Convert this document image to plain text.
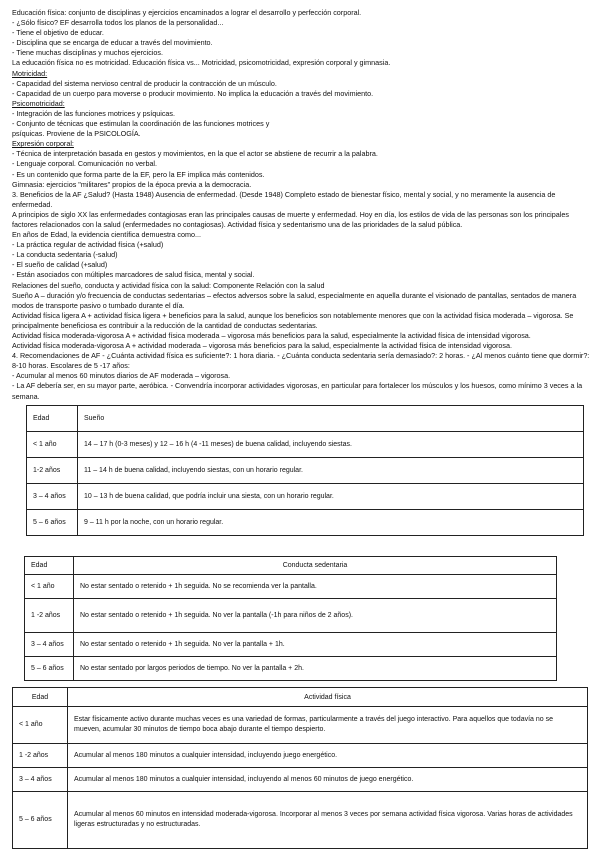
Educación física: conjunto de disciplinas y ejercicios encaminados a lograr el desarrollo y perfección corporal.
- ¿Sólo físico? EF desarrolla todos los planos de la personalidad...
- Tiene el objetivo de educar.
- Disciplina que se encarga de educar a través del movimiento.
- Tiene muchas disciplinas y muchos ejercicios.
La educación física no es motricidad. Educación física vs... Motricidad, psicomotricidad, expresión corporal y gimnasia.
Motricidad:
- Capacidad del sistema nervioso central de producir la contracción de un músculo.
- Capacidad de un cuerpo para moverse o producir movimiento. No implica la educación a través del movimiento.
Psicomotricidad:
- Integración de las funciones motrices y psíquicas.
- Conjunto de técnicas que estimulan la coordinación de las funciones motrices y
psíquicas. Proviene de la PSICOLOGÍA.
Expresión corporal:
- Técnica de interpretación basada en gestos y movimientos, en la que el actor se abstiene de recurrir a la palabra.
- Lenguaje corporal. Comunicación no verbal.
- Es un contenido que forma parte de la EF, pero la EF implica más contenidos.
Gimnasia: ejercicios "militares" propios de la época previa a la democracia.
3. Beneficios de la AF ¿Salud? (Hasta 1948) Ausencia de enfermedad. (Desde 1948) Completo estado de bienestar físico, mental y social, y no meramente la ausencia de enfermedad.
A principios de siglo XX las enfermedades contagiosas eran las principales causas de muerte y enfermedad. Hoy en día, los estilos de vida de las personas son los principales factores relacionados con la salud (enfermedades no contagiosas). Actividad física y sedentarismo una de las prioridades de la salud pública.
En años de Edad, la evidencia científica demuestra como...
- La práctica regular de actividad física (+salud)
- La conducta sedentaria (-salud)
- El sueño de calidad (+salud)
- Están asociados con múltiples marcadores de salud física, mental y social.
Relaciones del sueño, conducta y actividad física con la salud: Componente Relación con la salud
Sueño A – duración y/o frecuencia de conductas sedentarias – efectos adversos sobre la salud, especialmente en aquella durante el visionado de pantallas, sentados de manera modos de transporte pasivo o tumbado durante el día.
Actividad física ligera A + actividad física ligera + beneficios para la salud, aunque los beneficios son notablemente menores que con la actividad física moderada – vigorosa. Se principalmente beneficiosa es contribuir a la reducción de la cantidad de conductas sedentarias.
Actividad física moderada-vigorosa A + actividad física moderada – vigorosa más beneficios para la salud, especialmente la actividad física de intensidad vigorosa.
Actividad física moderada-vigorosa A + actividad moderada – vigorosa más beneficios para la salud, especialmente la actividad física de intensidad vigorosa.
4. Recomendaciones de AF - ¿Cuánta actividad física es suficiente?: 1 hora diaria. - ¿Cuánta conducta sedentaria sería demasiado?: 2 horas. - ¿Al menos cuánto tiene que dormir?: 8-10 horas. Escolares de 5 -17 años:
- Acumular al menos 60 minutos diarios de AF moderada – vigorosa.
- La AF debería ser, en su mayor parte, aeróbica. - Convendría incorporar actividades vigorosas, en particular para fortalecer los músculos y los huesos, como mínimo 3 veces a la semana.
Edad	Sueño
< 1 año	14 – 17 h (0-3 meses) y 12 – 16 h (4 -11 meses) de buena calidad, incluyendo siestas.
1-2 años	11 – 14 h de buena calidad, incluyendo siestas, con un horario regular.
3 – 4 años	10 – 13 h de buena calidad, que podría incluir una siesta, con un horario regular.
5 – 6 años	9 – 11 h por la noche, con un horario regular.
Edad	Conducta sedentaria
< 1 año	No estar sentado o retenido + 1h seguida. No se recomienda ver la pantalla.
1 -2 años	No estar sentado o retenido + 1h seguida. No ver la pantalla (-1h para niños de 2 años).
3 – 4 años	No estar sentado o retenido + 1h seguida. No ver la pantalla + 1h.
5 – 6 años	No estar sentado por largos periodos de tiempo. No ver la pantalla + 2h.
Edad	Actividad física
< 1 año	Estar físicamente activo durante muchas veces es una variedad de formas, particularmente a través del juego interactivo. Para aquellos que todavía no se mueven, acumular 30 minutos de tiempo boca abajo durante el tiempo despierto.
1 -2 años	Acumular al menos 180 minutos a cualquier intensidad, incluyendo juego energético.
3 – 4 años	Acumular al menos 180 minutos a cualquier intensidad, incluyendo al menos 60 minutos de juego energético.
5 – 6 años	Acumular al menos 60 minutos en intensidad moderada-vigorosa. Incorporar al menos 3 veces por semana actividad física vigorosa. Varias horas de actividades ligeras estructuradas y no estructuradas.
